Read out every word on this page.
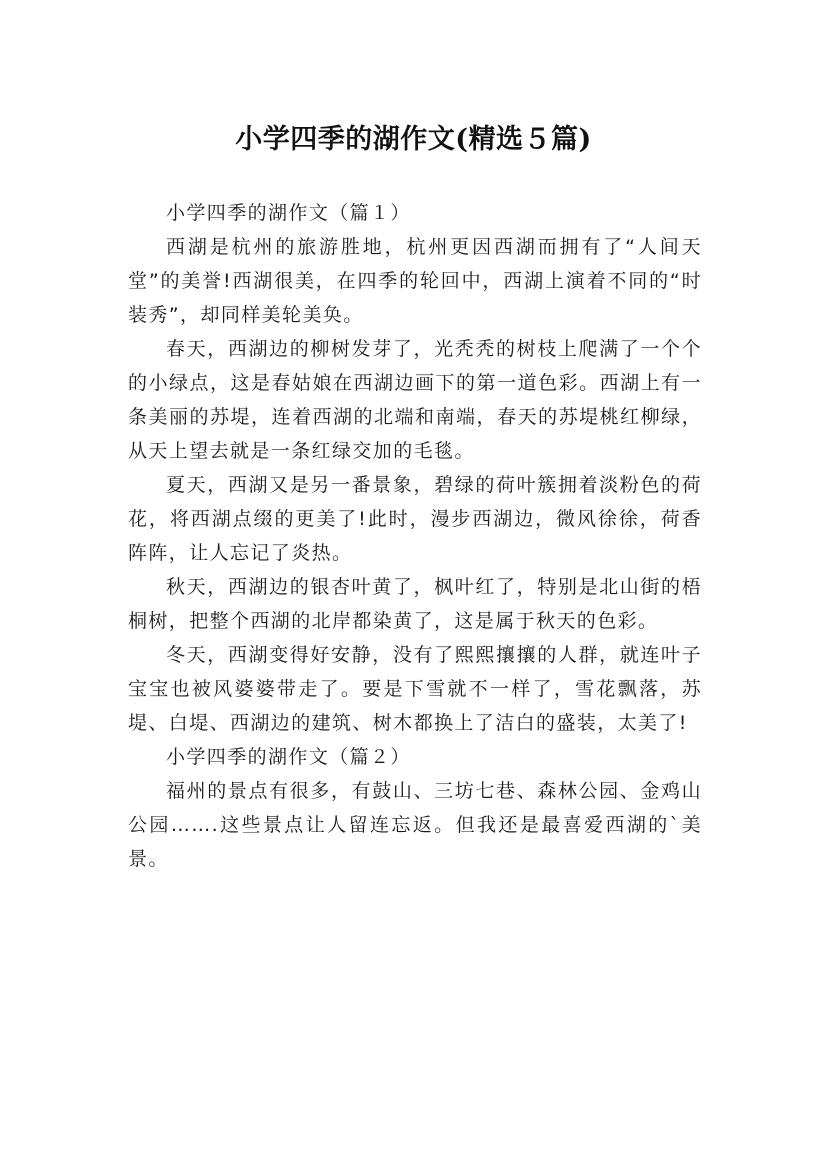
小学四季的湖作文(精选５篇)

小学四季的湖作文（篇１）

西湖是杭州的旅游胜地，杭州更因西湖而拥有了“人间天堂”的美誉!西湖很美，在四季的轮回中，西湖上演着不同的“时装秀”，却同样美轮美奂。

春天，西湖边的柳树发芽了，光秃秃的树枝上爬满了一个个的小绿点，这是春姑娘在西湖边画下的第一道色彩。西湖上有一条美丽的苏堤，连着西湖的北端和南端，春天的苏堤桃红柳绿，从天上望去就是一条红绿交加的毛毯。

夏天，西湖又是另一番景象，碧绿的荷叶簇拥着淡粉色的荷花，将西湖点缀的更美了!此时，漫步西湖边，微风徐徐，荷香阵阵，让人忘记了炎热。

秋天，西湖边的银杏叶黄了，枫叶红了，特别是北山街的梧桐树，把整个西湖的北岸都染黄了，这是属于秋天的色彩。

冬天，西湖变得好安静，没有了熙熙攘攘的人群，就连叶子宝宝也被风婆婆带走了。要是下雪就不一样了，雪花飘落，苏堤、白堤、西湖边的建筑、树木都换上了洁白的盛装，太美了!

小学四季的湖作文（篇２）

福州的景点有很多，有鼓山、三坊七巷、森林公园、金鸡山公园…….这些景点让人留连忘返。但我还是最喜爱西湖的`美景。
